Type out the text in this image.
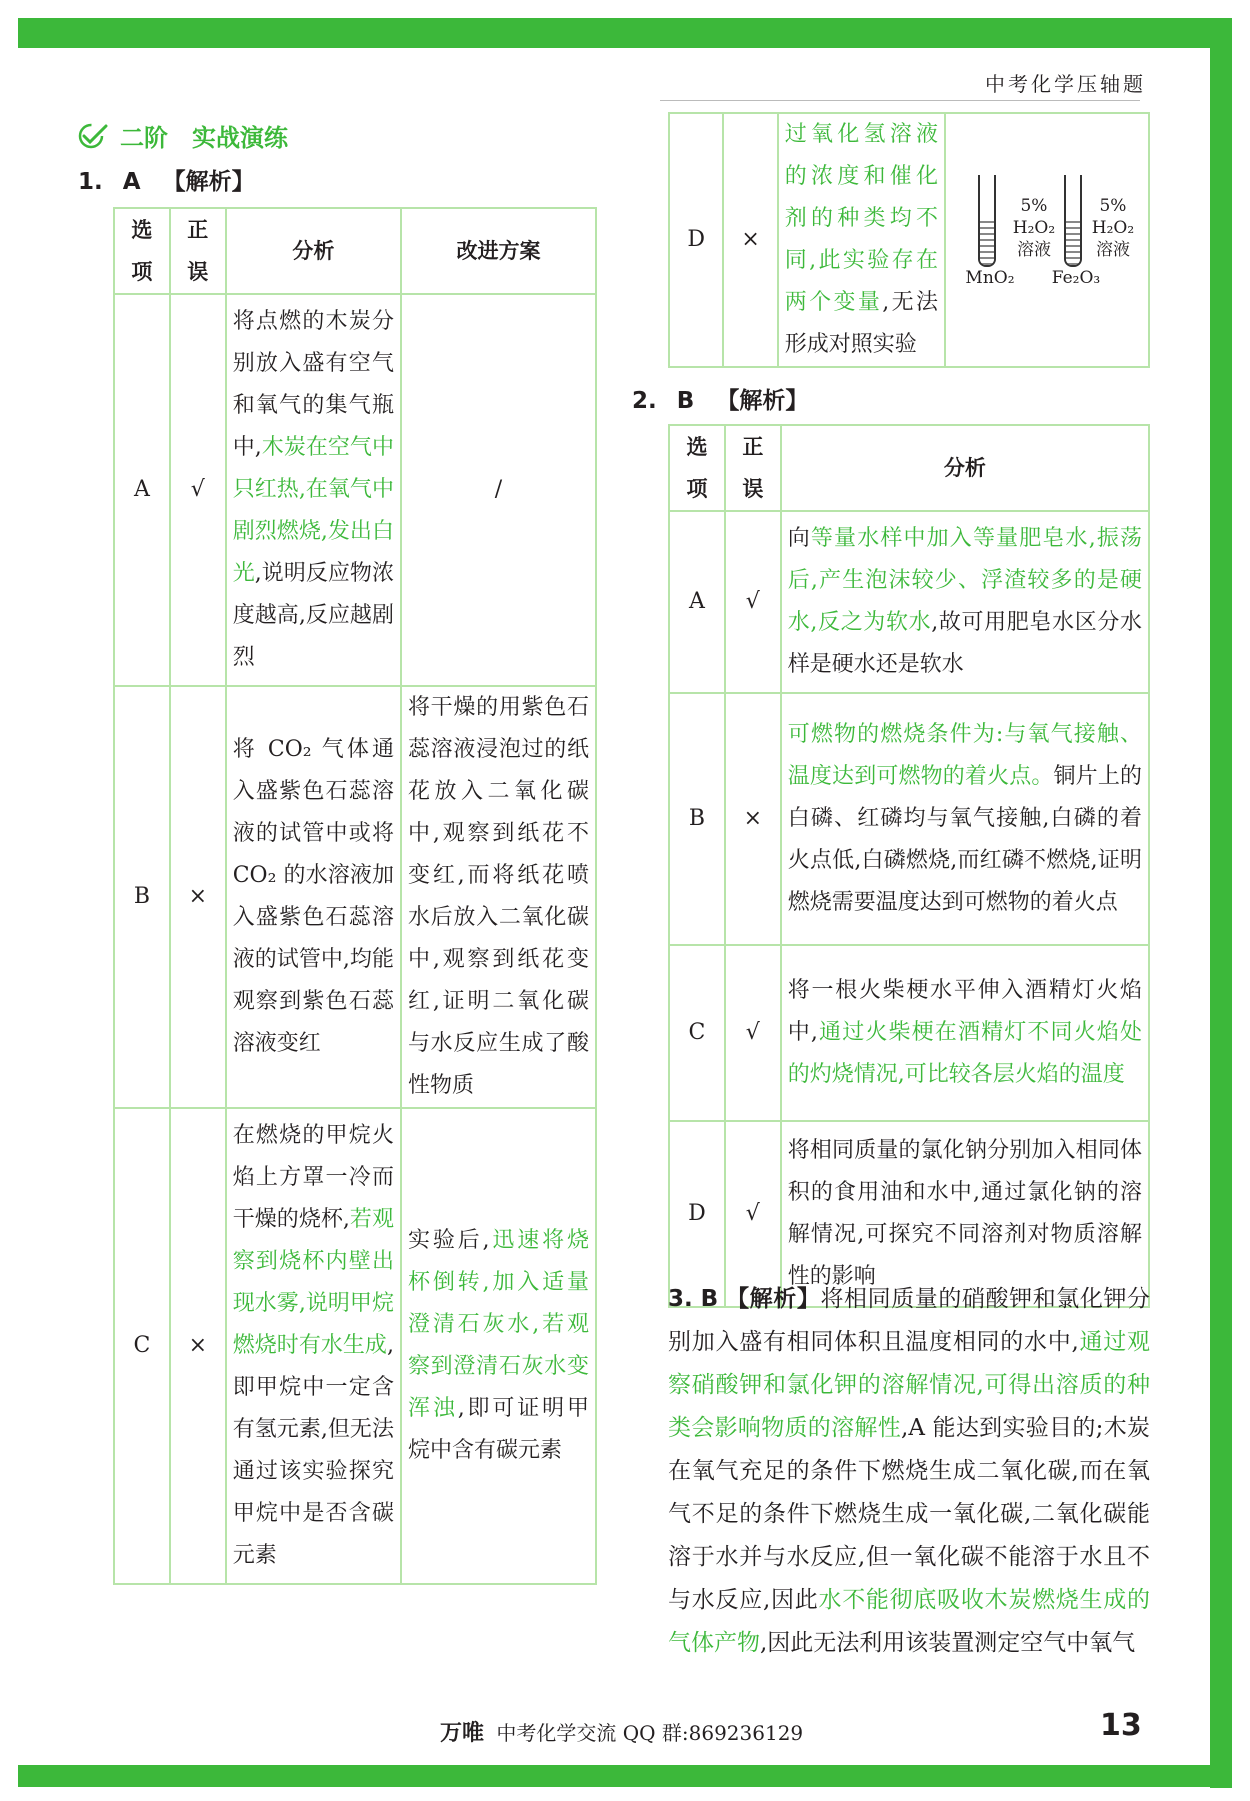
中考化学压轴题
二阶　实战演练
1. A 【解析】
选项	正误	分析	改进方案
A	√	将点燃的木炭分别放入盛有空气和氧气的集气瓶中,木炭在空气中只红热,在氧气中剧烈燃烧,发出白光,说明反应物浓度越高,反应越剧烈	/
B	×	将 CO₂ 气体通入盛紫色石蕊溶液的试管中或将 CO₂ 的水溶液加入盛紫色石蕊溶液的试管中,均能观察到紫色石蕊溶液变红	将干燥的用紫色石蕊溶液浸泡过的纸花放入二氧化碳中,观察到纸花不变红,而将纸花喷水后放入二氧化碳中,观察到纸花变红,证明二氧化碳与水反应生成了酸性物质
C	×	在燃烧的甲烷火焰上方罩一冷而干燥的烧杯,若观察到烧杯内壁出现水雾,说明甲烷燃烧时有水生成,即甲烷中一定含有氢元素,但无法通过该实验探究甲烷中是否含碳元素	实验后,迅速将烧杯倒转,加入适量澄清石灰水,若观察到澄清石灰水变浑浊,即可证明甲烷中含有碳元素
D	×	过氧化氢溶液的浓度和催化剂的种类均不同,此实验存在两个变量,无法形成对照实验	
5%
H₂O₂
溶液
MnO₂
5%
H₂O₂
溶液
Fe₂O₃
2. B 【解析】
选项	正误	分析
A	√	向等量水样中加入等量肥皂水,振荡后,产生泡沫较少、浮渣较多的是硬水,反之为软水,故可用肥皂水区分水样是硬水还是软水
B	×	可燃物的燃烧条件为:与氧气接触、温度达到可燃物的着火点。铜片上的白磷、红磷均与氧气接触,白磷的着火点低,白磷燃烧,而红磷不燃烧,证明燃烧需要温度达到可燃物的着火点
C	√	将一根火柴梗水平伸入酒精灯火焰中,通过火柴梗在酒精灯不同火焰处的灼烧情况,可比较各层火焰的温度
D	√	将相同质量的氯化钠分别加入相同体积的食用油和水中,通过氯化钠的溶解情况,可探究不同溶剂对物质溶解性的影响
3. B 【解析】将相同质量的硝酸钾和氯化钾分别加入盛有相同体积且温度相同的水中,通过观察硝酸钾和氯化钾的溶解情况,可得出溶质的种类会影响物质的溶解性,A 能达到实验目的;木炭在氧气充足的条件下燃烧生成二氧化碳,而在氧气不足的条件下燃烧生成一氧化碳,二氧化碳能溶于水并与水反应,但一氧化碳不能溶于水且不与水反应,因此水不能彻底吸收木炭燃烧生成的气体产物,因此无法利用该装置测定空气中氧气
万唯 中考化学交流 QQ 群:869236129	13
